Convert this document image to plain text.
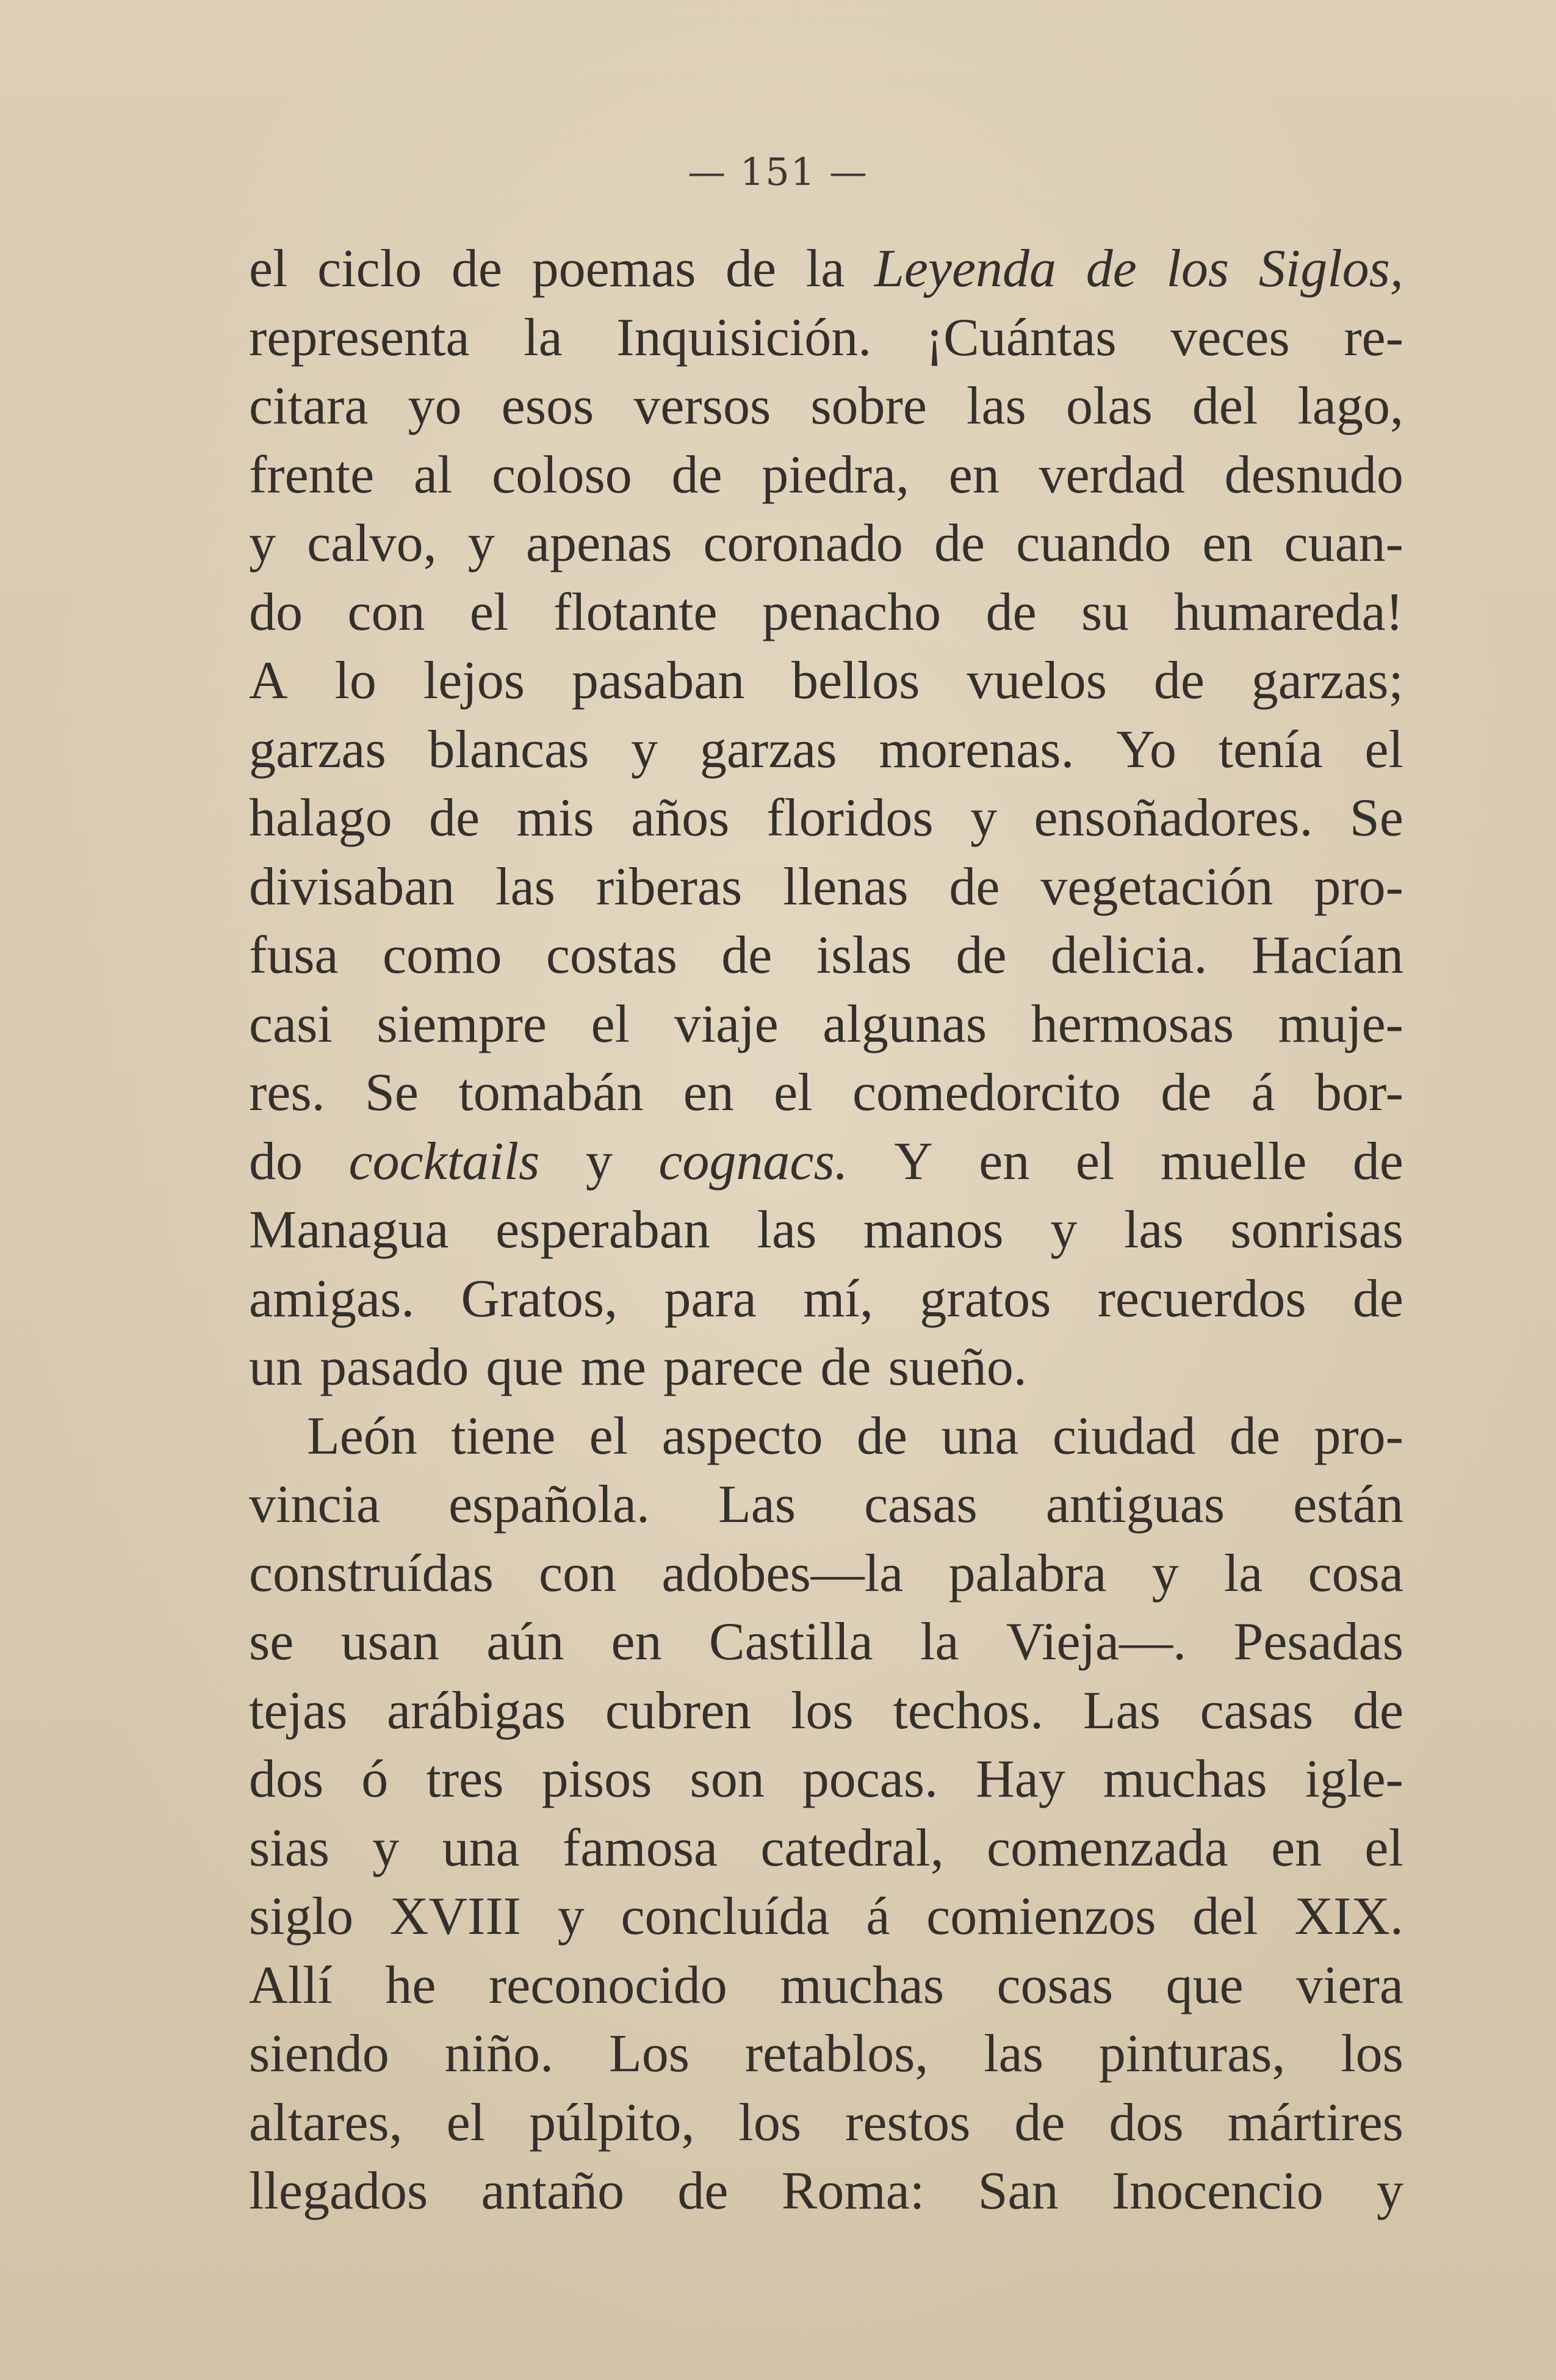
— 151 —
el ciclo de poemas de la Leyenda de los Siglos,
representa la Inquisición. ¡Cuántas veces re-
citara yo esos versos sobre las olas del lago,
frente al coloso de piedra, en verdad desnudo
y calvo, y apenas coronado de cuando en cuan-
do con el flotante penacho de su humareda!
A lo lejos pasaban bellos vuelos de garzas;
garzas blancas y garzas morenas. Yo tenía el
halago de mis años floridos y ensoñadores. Se
divisaban las riberas llenas de vegetación pro-
fusa como costas de islas de delicia. Hacían
casi siempre el viaje algunas hermosas muje-
res. Se tomabán en el comedorcito de á bor-
do cocktails y cognacs. Y en el muelle de
Managua esperaban las manos y las sonrisas
amigas. Gratos, para mí, gratos recuerdos de
un pasado que me parece de sueño.
León tiene el aspecto de una ciudad de pro-
vincia española. Las casas antiguas están
construídas con adobes—la palabra y la cosa
se usan aún en Castilla la Vieja—. Pesadas
tejas arábigas cubren los techos. Las casas de
dos ó tres pisos son pocas. Hay muchas igle-
sias y una famosa catedral, comenzada en el
siglo XVIII y concluída á comienzos del XIX.
Allí he reconocido muchas cosas que viera
siendo niño. Los retablos, las pinturas, los
altares, el púlpito, los restos de dos mártires
llegados antaño de Roma: San Inocencio y
